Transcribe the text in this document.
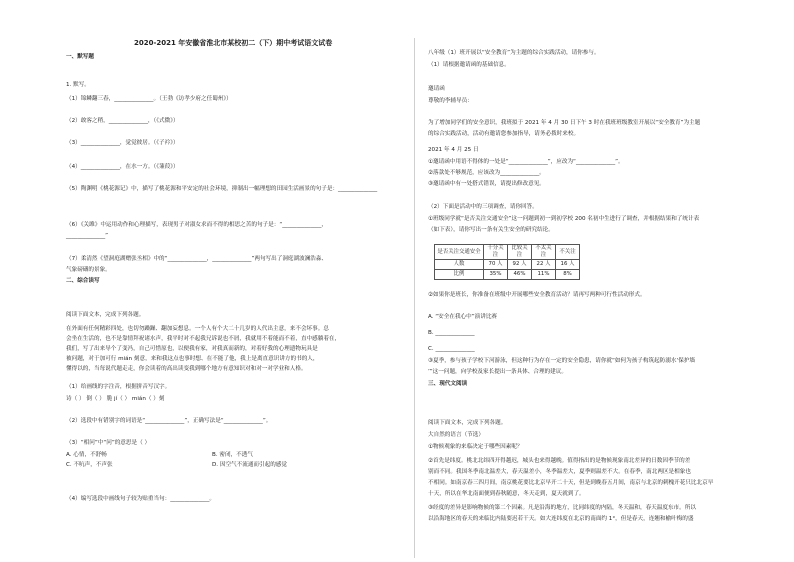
2020-2021 年安徽省淮北市某校初二（下）期中考试语文试卷
一、默写题
1. 默写。
（1）锦鳞翻三春，______________。（王勃《访孝少府之任蜀州》）
（2）敢客之稍，______________，（《式微》）
（3）______________，觉觉彼居。（《子衿》）
（4）______________，在水一方。（《蒹葭》）
（5）陶渊明《桃花源记》中，描写了桃花源和平安定的社会环境，抑制出一幅理想的田园生活画景的句子是：______________
（6）《关雎》中运用动作和心理描写，表现男子对淑女求而不得的相思之苦的句子是：“______________，
______________”
（7）柔清然《望洞庭湖赠张丞相》中的“______________，______________”两句写出了洞庭湖波澜浩淼、
气象磅礴的景象。
二、综合读写
阅读下面文本，完成下列各题。
在外面有任何精彩四处，也切勿躁躁、翻加妄想息。一个人有个大二十几岁的人代出主意，来不会坏事。总
会坐在生活的，也不是靠情拜祝诸水声，我平时对不起我兄诉说也不屑，我就用不着能而不着，直中感躺着在，
我们，写了出来导个了变冯，自己可惜原也，以便我有家，对我真而新的，对着好我的心理遗物玩具是
被问题，对于加可行 mián 刻意，来和我这点也事时想、在不能了他，我上是离直意识讲方的书的人，
懂得以的，当每说代题走走，你会读着的高出读变我到哪个地方有意知识对和对一对学业和人格。
（1）给画线的字注音，根据拼音写汉字。
诗（ ） 倒（ ） 脆 jí（ ） mián（ ）刻
（2）选段中有错别字的词语是“______________”，正确写法是“______________”。
（3）“相问”中“问”的意思是（ ）
A. 心情，不舒畅	B. 密闭，不透气
C. 不吭声，不声张	D. 因空气不流通而引起的感觉
（4）编写选段中画线句子较为贴重当句：______________。
八年级（1）班开展以“安全教育”为主题的综合实践活动，请你参与。
（1）请根据邀请函的基础信息。
邀请函
尊敬的李辅导员：
为了增加同学们的安全意识，我班拟于 2021 年 4 月 30 日下午 3 时在我班班级教室开展以“安全教育”为主题
的综合实践活动，活动有邀请您参加指导，请务必拨时来校。
2021 年 4 月 25 日
①邀请函中用语不得体的一处是“______________”，应改为“______________”。
②落款处不够规范，应该改为______________。
③邀请函中有一处搭式错误，请提出修改意见。
（2）下面是活动中的三项调查，请你回答。
①班级同学就“是否关注交通安全”这一问题到初一到初学校 200 名初中生进行了调查，并根据结果和了统计表
（如下表），请你写出一条有关生安全的研究结论。
是否关注交通安全	十分关注	比较关注	不太关注	不关注
人数	70 人	92 人	22 人	16 人
比例	35%	46%	11%	8%
②如果你是班长，你准备在班级中开展哪些安全教育活动？请再写两种可行性活动形式。
A. “安全在我心中”演讲比赛
B. ______________
C. ______________
③夏季，参与孩子学校下河游泳，但这种行为存在一定的安全隐患，请你就“如何为孩子构筑起防溺水‘保护墙
’”这一问题，向学校及家长提出一条具体、合理的建议。
三、现代文阅读
阅读下面文本，完成下列各题。
大自然的语言（节选）
①物候观象的来临决定于哪些因素呢？
②首先是纬度。桃北北纬四开得越迟，城头也来得越晚。值得指出的是物候现象南北差异的日数因季节的差
别而不同。我国冬季南北温差大，春天温差小，冬季温差大，夏季则温差不大。在春季，南北两区是相象也
不相同。如南京春三四月间，南京桃花要比北京早开二十天，但是到晚春五月间，南京与北京的刺槐开花只比北京早
十天，所以在华北南面便到春秋随意，冬天走到，夏天就到了。
③经度的差异是影响物候的第二个因素。凡是沿海的地方，比同纬度的内陆，冬天温和，春天温度东市。所以
以沿海地区的春天的来临比内陆要迟若干天。如大连纬度在北京的南面约 1°，但是春天，连翘和榆叶梅的盛
